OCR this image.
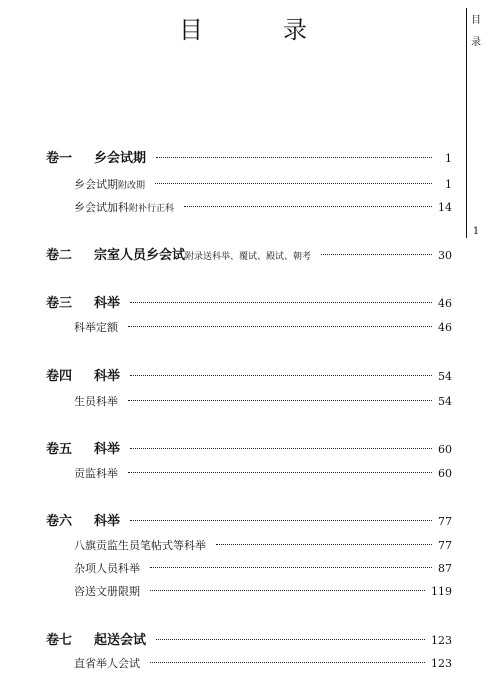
目　录	目
录
1
卷一	乡会试期	1
乡会试期 附改期	1
乡会试加科 附补行正科	14
卷二	宗室人员乡会试 附录送科举、覆试、殿试、朝考	30
卷三	科举	46
科举定额	46
卷四	科举	54
生员科举	54
卷五	科举	60
贡监科举	60
卷六	科举	77
八旗贡监生员笔帖式等科举	77
杂项人员科举	87
咨送文册限期	119
卷七	起送会试	123
直省举人会试	123
